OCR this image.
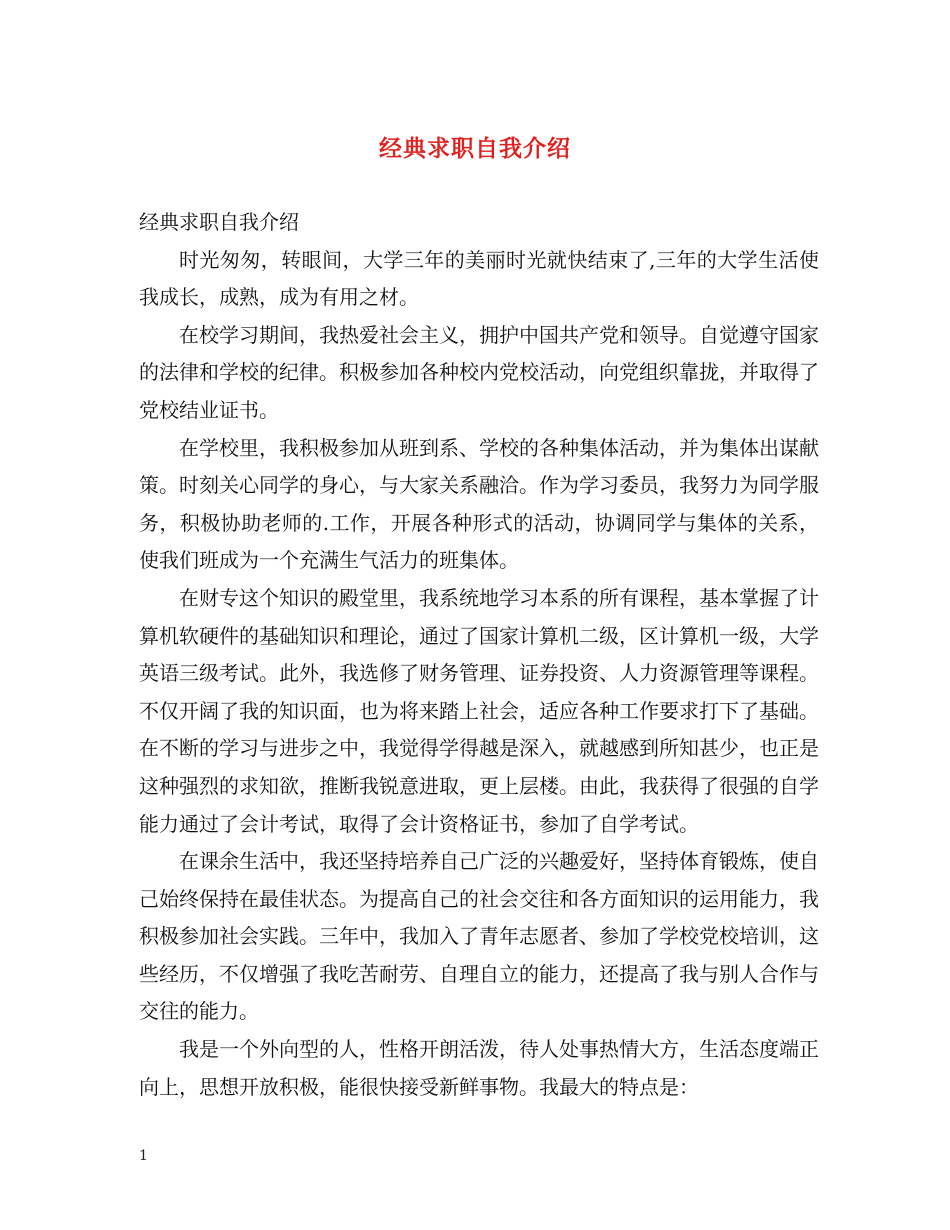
经典求职自我介绍

经典求职自我介绍

时光匆匆，转眼间，大学三年的美丽时光就快结束了,三年的大学生活使我成长，成熟，成为有用之材。

在校学习期间，我热爱社会主义，拥护中国共产党和领导。自觉遵守国家的法律和学校的纪律。积极参加各种校内党校活动，向党组织靠拢，并取得了党校结业证书。

在学校里，我积极参加从班到系、学校的各种集体活动，并为集体出谋献策。时刻关心同学的身心，与大家关系融洽。作为学习委员，我努力为同学服务，积极协助老师的.工作，开展各种形式的活动，协调同学与集体的关系，使我们班成为一个充满生气活力的班集体。

在财专这个知识的殿堂里，我系统地学习本系的所有课程，基本掌握了计算机软硬件的基础知识和理论，通过了国家计算机二级，区计算机一级，大学英语三级考试。此外，我选修了财务管理、证券投资、人力资源管理等课程。不仅开阔了我的知识面，也为将来踏上社会，适应各种工作要求打下了基础。在不断的学习与进步之中，我觉得学得越是深入，就越感到所知甚少，也正是这种强烈的求知欲，推断我锐意进取，更上层楼。由此，我获得了很强的自学能力通过了会计考试，取得了会计资格证书，参加了自学考试。

在课余生活中，我还坚持培养自己广泛的兴趣爱好，坚持体育锻炼，使自己始终保持在最佳状态。为提高自己的社会交往和各方面知识的运用能力，我积极参加社会实践。三年中，我加入了青年志愿者、参加了学校党校培训，这些经历，不仅增强了我吃苦耐劳、自理自立的能力，还提高了我与别人合作与交往的能力。

我是一个外向型的人，性格开朗活泼，待人处事热情大方，生活态度端正向上，思想开放积极，能很快接受新鲜事物。我最大的特点是：

1
